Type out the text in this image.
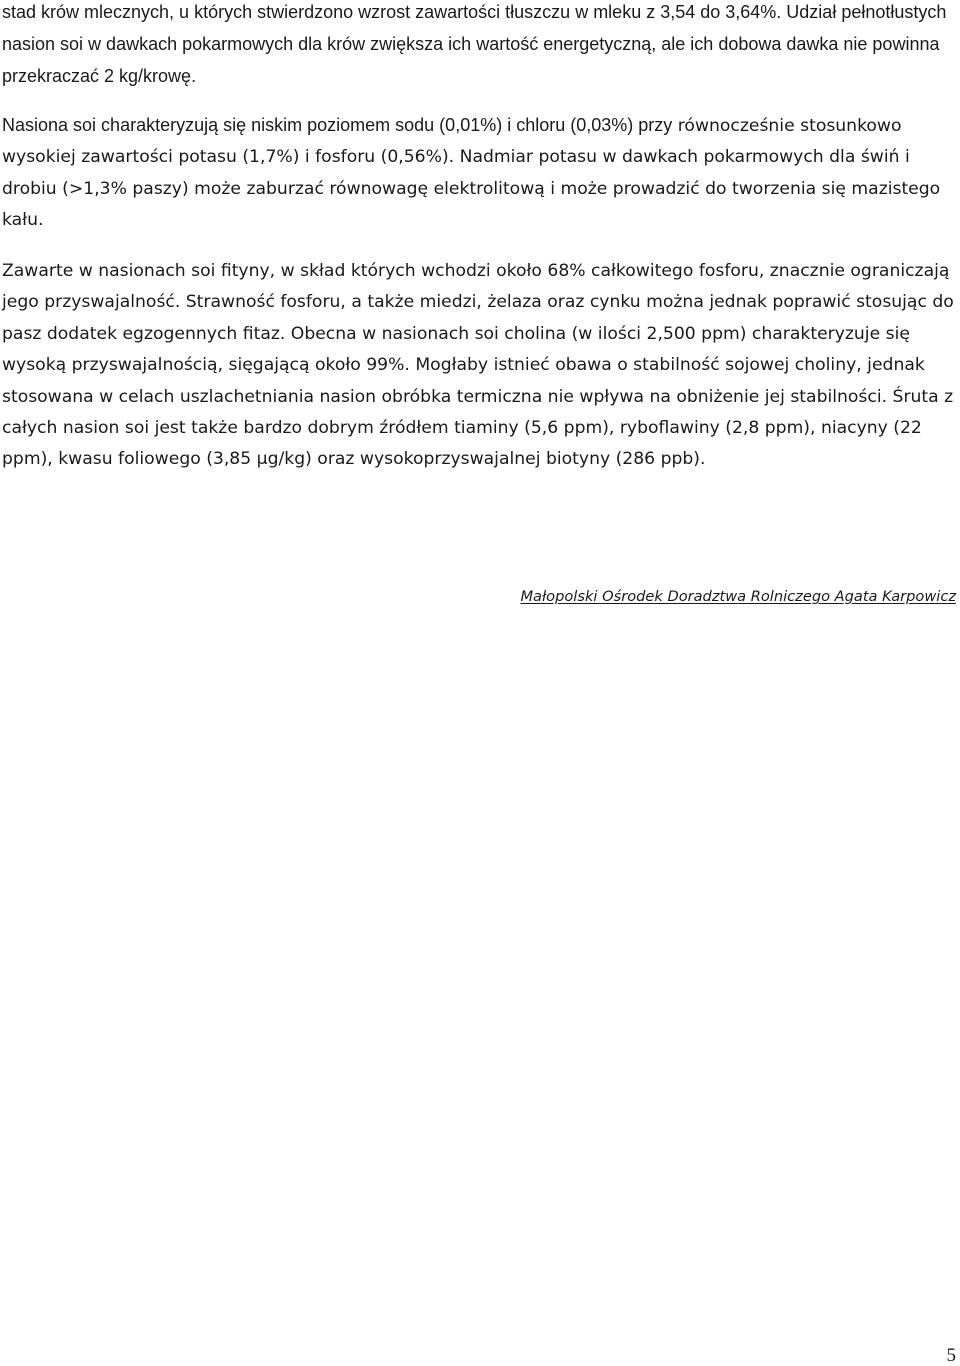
stad krów mlecznych, u których stwierdzono wzrost zawartości tłuszczu w mleku z 3,54 do 3,64%. Udział pełnotłustych nasion soi w dawkach pokarmowych dla krów zwiększa ich wartość energetyczną, ale ich dobowa dawka nie powinna przekraczać 2 kg/krowę.

Nasiona soi charakteryzują się niskim poziomem sodu (0,01%) i chloru (0,03%) przy równocześnie stosunkowo wysokiej zawartości potasu (1,7%) i fosforu (0,56%). Nadmiar potasu w dawkach pokarmowych dla świń i drobiu (>1,3% paszy) może zaburzać równowagę elektrolitową i może prowadzić do tworzenia się mazistego kału.

Zawarte w nasionach soi fityny, w skład których wchodzi około 68% całkowitego fosforu, znacznie ograniczają jego przyswajalność. Strawność fosforu, a także miedzi, żelaza oraz cynku można jednak poprawić stosując do pasz dodatek egzogennych fitaz. Obecna w nasionach soi cholina (w ilości 2,500 ppm) charakteryzuje się wysoką przyswajalnością, sięgającą około 99%. Mogłaby istnieć obawa o stabilność sojowej choliny, jednak stosowana w celach uszlachetniania nasion obróbka termiczna nie wpływa na obniżenie jej stabilności. Śruta z całych nasion soi jest także bardzo dobrym źródłem tiaminy (5,6 ppm), ryboflawiny (2,8 ppm), niacyny (22 ppm), kwasu foliowego (3,85 µg/kg) oraz wysokoprzyswajalnej biotyny (286 ppb).

Małopolski Ośrodek Doradztwa Rolniczego Agata Karpowicz

5
